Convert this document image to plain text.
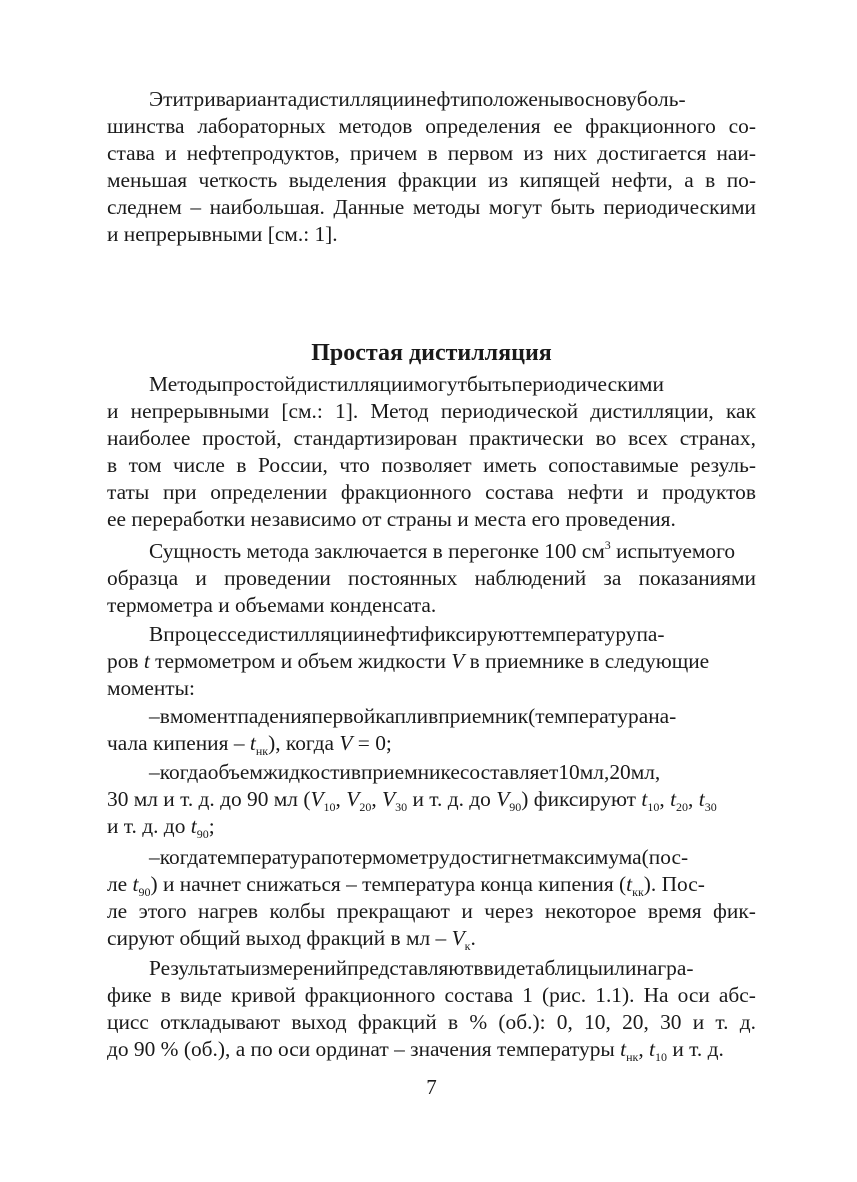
Эти три варианта дистилляции нефти положены в основу боль-
шинства лабораторных методов определения ее фракционного со-
става и нефтепродуктов, причем в первом из них достигается наи-
меньшая четкость выделения фракции из кипящей нефти, а в по-
следнем – наибольшая. Данные методы могут быть периодическими
и непрерывными [см.: 1].
Простая дистилляция
Методы простой дистилляции могут быть периодическими
и непрерывными [см.: 1]. Метод периодической дистилляции, как
наиболее простой, стандартизирован практически во всех странах,
в том числе в России, что позволяет иметь сопоставимые резуль-
таты при определении фракционного состава нефти и продуктов
ее переработки независимо от страны и места его проведения.
Сущность метода заключается в перегонке 100 $см^3$ испытуемого
образца и проведении постоянных наблюдений за показаниями
термометра и объемами конденсата.
В процессе дистилляции нефти фиксируют температуру па-
ров t термометром и объем жидкости V в приемнике в следующие
моменты:
– в момент падения первой капли в приемник (температура на-
чала кипения – $t_{нк}$), когда V = 0;
– когда объем жидкости в приемнике составляет 10 мл, 20 мл,
30 мл и т. д. до 90 мл ($V_{10}$, $V_{20}$, $V_{30}$ и т. д. до $V_{90}$) фиксируют $t_{10}$, $t_{20}$, $t_{30}$
и т. д. до $t_{90}$;
– когда температура по термометру достигнет максимума (пос-
ле $t_{90}$) и начнет снижаться – температура конца кипения $(t_{кк})$. Пос-
ле этого нагрев колбы прекращают и через некоторое время фик-
сируют общий выход фракций в мл – $V_к$.
Результаты измерений представляют в виде таблицы или на гра-
фике в виде кривой фракционного состава 1 (рис. 1.1). На оси абс-
цисс откладывают выход фракций в % (об.): 0, 10, 20, 30 и т. д.
до 90 % (об.), а по оси ординат – значения температуры $t_{нк}$, $t_{10}$ и т. д.
7
